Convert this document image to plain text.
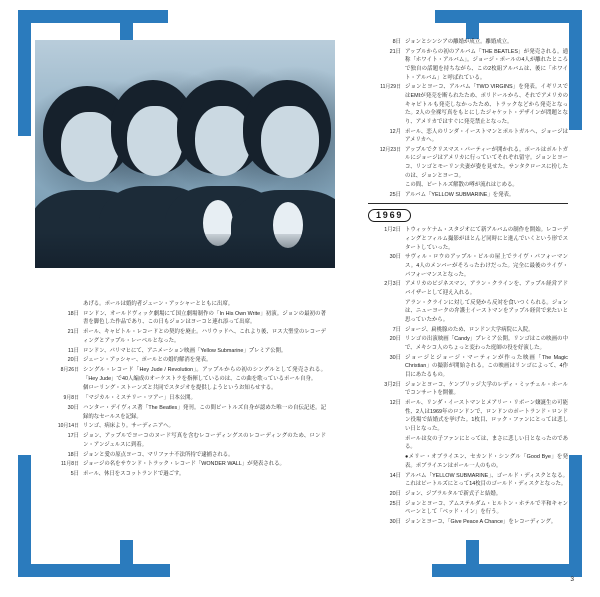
あげる。ポールは婚約者ジェーン・アッシャーとともに出席。
18日 ロンドン、オールドヴィック劇場にて国立劇場制作の「In His Own Write」初演。ジョンの最初の著書を脚色した作品であり、この日もジョンはヨーコと連れ添って出席。
21日 ポール、キャピトル・レコードとの契約を廃止。ハリウッドへ、これより後、ロス大聖堂のレコーディングとアップル・レーベルとなった。
11日 ロンドン、パリマヒにて、アニメーション映画「Yellow Submarine」プレミア公開。
20日 ジェーン・アッシャー、ポールとの婚約解消を発表。
8月26日 シングル・レコード「Hey Jude / Revolution」。アップルからの初のシングルとして発売される。「Hey Jude」で40人編成のオーケストラを指揮しているのは、この曲を歌っているポール自身。
個ローリング・ストーンズと共同でスタジオを提供しようというお知らせする。
9月8日 「マジカル・ミステリー・ツアー」日本公開。
30日 ハンター・デイヴィス著「The Beatles」発刊。この間ビートルズ自身が認めた唯一の自伝記述。記録的なセールスを記録。
10月14日 リンゴ、病床より。サーディニアへ。
17日 ジョン、アップルでヨーコのヌード写真を含むレコーディングスのレコーディングのため、ロンドン・アンジェルスに到着。
18日 ジョンと愛の原点ヨーコ、マリファナ不法所持で逮捕される。
11月8日 ジョージの名をサウンド・トラック・レコード「WONDER WALL」が発表される。
5日 ポール、休日をスコットランドで過ごす。
8日 ジョンとシンシアの離婚が成立。離婚成立。
21日 アップルからの初のアルバム「THE BEATLES」が発売される。通称「ホワイト・アルバム」。ジョージ・ポールの4人が離れたところで独自の話題を持ちながら、この2枚組アルバムは、後に「ホワイト・アルバム」と呼ばれている。
11月29日 ジョンとヨーコ、アルバム「TWO VIRGINS」を発表。イギリスではEMIが発売を断られたため、ポリドールから、それでアメリカのキャピトルも発売しなかったため、トラックなどから発売となった。2人の全裸写真をもとにしたジャケット・デザインが問題となり、アメリカではすぐに発売禁止となった。
12月 ポール、恋人のリンダ・イーストマンとポルトガルへ、ジョージはアメリカへ。
12月23日 アップルでクリスマス・パーティーが開かれる。ポールはポルトガルにジョージはアメリカに行っていてそれぞれ留守。ジョンとヨーコ、リンゴとモーリン夫妻が姿を見せた。サンタクロースに扮したのは、ジョンとヨーコ。
この間、ビートルズ解散の噂が流れはじめる。
25日 アルバム「YELLOW SUBMARINE」を発表。
1969
1月2日 トウィッケナム・スタジオにて新アルバムの制作を開始。レコーディングとフィルム撮影がほとんど同時にと進んでいくという形でスタートしていった。
30日 サヴィル・ロウのアップル・ビルの屋上でライヴ・パフォーマンス。4人のメンバーがそろったわけだった。完全に最後のライヴ・パフォーマンスとなった。
2月3日 アメリカのビジネスマン、アラン・クラインを、アップル経営アドバイザーとして迎え入れる。
アラン・クラインに対して反発から反対を食いつくられる。ジョンは、ニューヨークの弁護士イーストマンをアップル経営で来たいと思っていたから。
7日 ジョージ、扁桃腺のため、ロンドン大学病院に入院。
20日 リンゴの出演映画「Candy」プレミア公開。リンゴはこの映画の中で、メキシコ人のちょっと変わった庭師の役を好演した。
30日 ジョージとジョージ・マーティンが作った映画「The Magic Christian」の撮影が開始される。この映画はリンゴによって、4作目にあたるもの。
3月2日 ジョンとヨーコ、ケンブリッジ大学のレディ・ミッチェル・ホールでコンサートを開催。
12日 ポール、リンダ・イーストマンとメアリー・リボーン嬢誕生の可能性、2人は1969年のロンドンで、ロンドンのポートランド・ロンドン役場で結婚式を挙げた。1枚目、ロック・ファンにとっては悲しい日となった。
ポールは女の子ファンにとっては、まさに悲しい日となったのである。
●メリー・オブライエン、セカンド・シングル「Good Bye」を発表。ポブライエンはポール一人のもの。
14日 アルバム「YELLOW SUBMARINE」、ゴールド・ディスクとなる。これはビートルズにとって14枚目のゴールド・ディスクとなった。
20日 ジョン、ジブラルタルで新式子と結婚。
25日 ジョンとヨーコ、アムステルダム・ヒルトン・ホテルで平和キャンペーンとして「ベッド・イン」を行う。
30日 ジョンとヨーコ、「Give Peace A Chance」をレコーディング。
3
